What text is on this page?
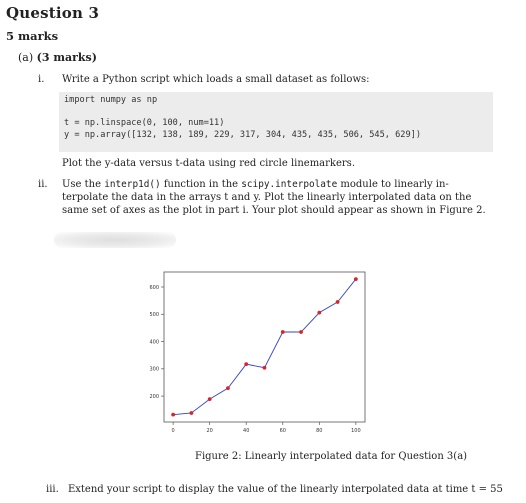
Question 3
5 marks
(a) (3 marks)
i. Write a Python script which loads a small dataset as follows:
import numpy as np
t = np.linspace(0, 100, num=11)
y = np.array([132, 138, 189, 229, 317, 304, 435, 435, 506, 545, 629])
Plot the y-data versus t-data using red circle linemarkers.
ii. Use the interp1d() function in the scipy.interpolate module to linearly in-
terpolate the data in the arrays t and y. Plot the linearly interpolated data on the
same set of axes as the plot in part i. Your plot should appear as shown in Figure 2.
200
300
400
500
600
0	20	40	60	80	100
Figure 2: Linearly interpolated data for Question 3(a)
iii. Extend your script to display the value of the linearly interpolated data at time t = 55
